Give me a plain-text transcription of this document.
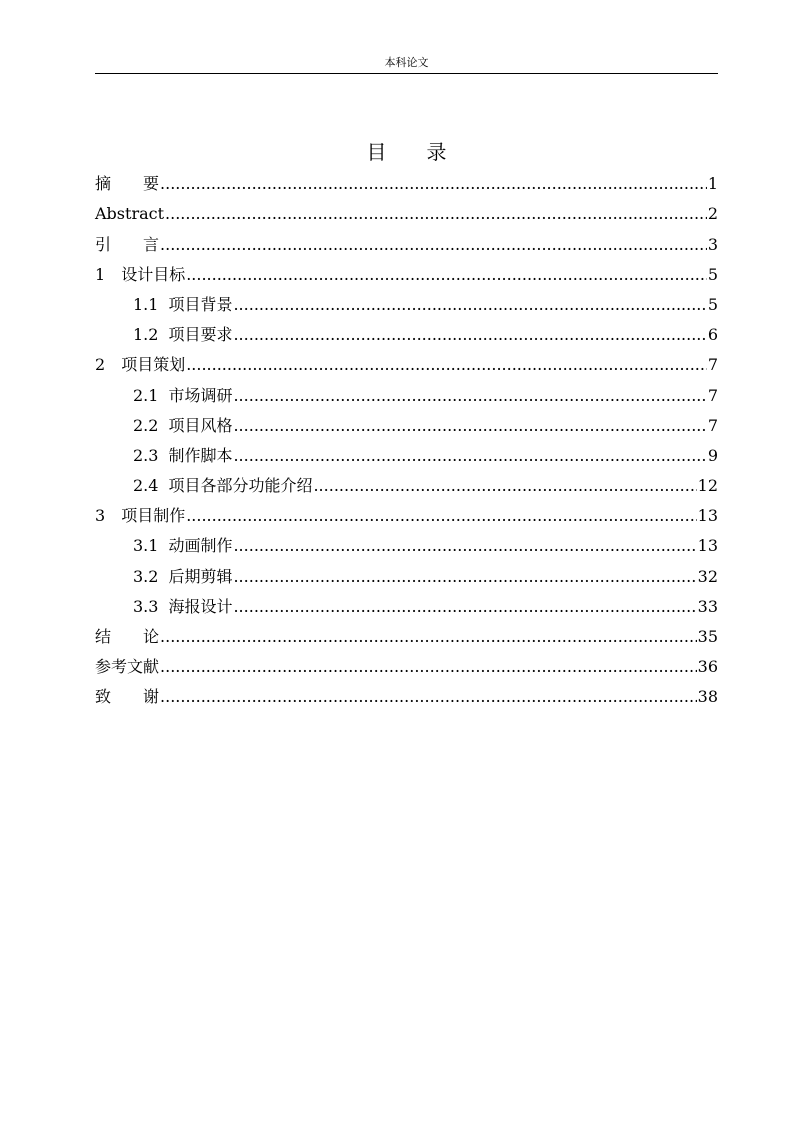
本科论文
目 录
摘　　要 .....	1
Abstract .....	2
引　　言 .....	3
1 设计目标 .....	5
1.1 项目背景 .....	5
1.2 项目要求 .....	6
2 项目策划 .....	7
2.1 市场调研 .....	7
2.2 项目风格 .....	7
2.3 制作脚本 .....	9
2.4 项目各部分功能介绍 .....	12
3 项目制作 .....	13
3.1 动画制作 .....	13
3.2 后期剪辑 .....	32
3.3 海报设计 .....	33
结　　论 .....	35
参考文献 .....	36
致　　谢 .....	38
